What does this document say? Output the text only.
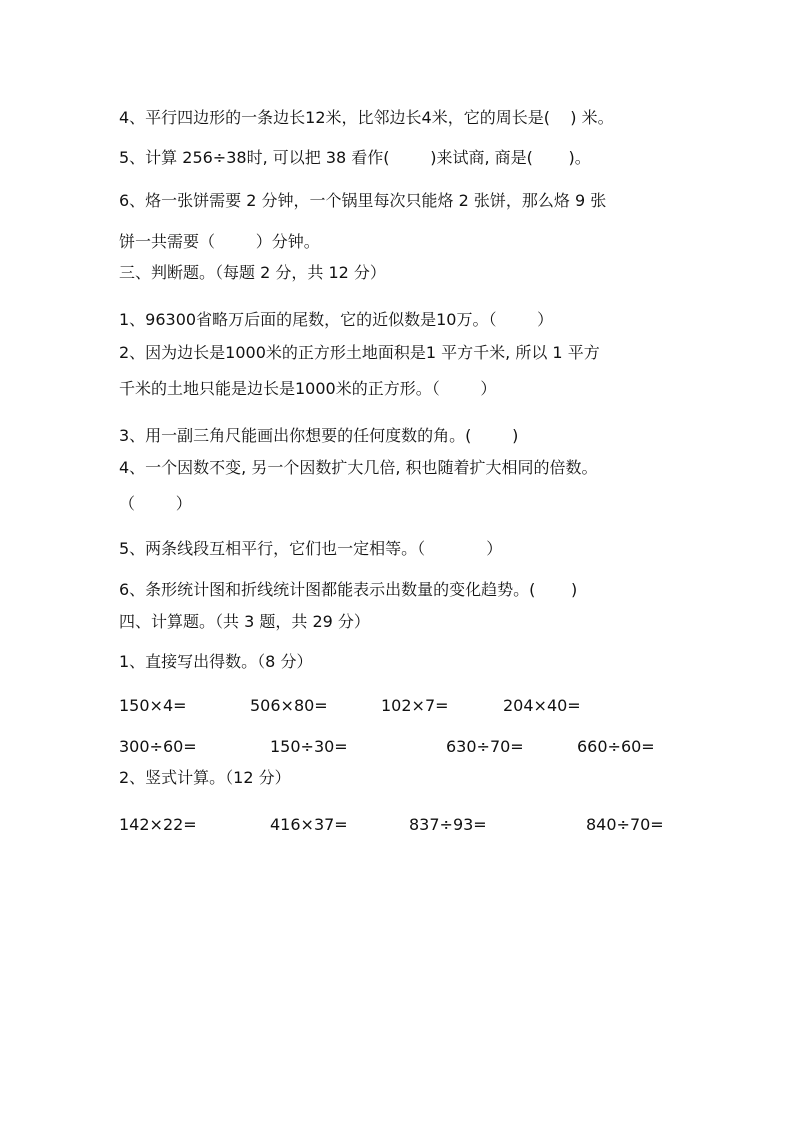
4、平行四边形的一条边长12米，比邻边长4米，它的周长是(    ) 米。
5、计算 256÷38时, 可以把 38 看作(        )来试商, 商是(       )。
6、烙一张饼需要 2 分钟，一个锅里每次只能烙 2 张饼，那么烙 9 张
饼一共需要（        ）分钟。
三、判断题。（每题 2 分，共 12 分）
1、96300省略万后面的尾数，它的近似数是10万。（        ）
2、因为边长是1000米的正方形土地面积是1 平方千米, 所以 1 平方
千米的土地只能是边长是1000米的正方形。（        ）
3、用一副三角尺能画出你想要的任何度数的角。(        )
4、一个因数不变, 另一个因数扩大几倍, 积也随着扩大相同的倍数。
（        ）
5、两条线段互相平行，它们也一定相等。（            ）
6、条形统计图和折线统计图都能表示出数量的变化趋势。(       )
四、计算题。（共 3 题，共 29 分）
1、直接写出得数。（8 分）
150×4=	506×80=	102×7=	204×40=
300÷60=	150÷30=	630÷70=	660÷60=
2、竖式计算。（12 分）
142×22=	416×37=	837÷93=	840÷70=
